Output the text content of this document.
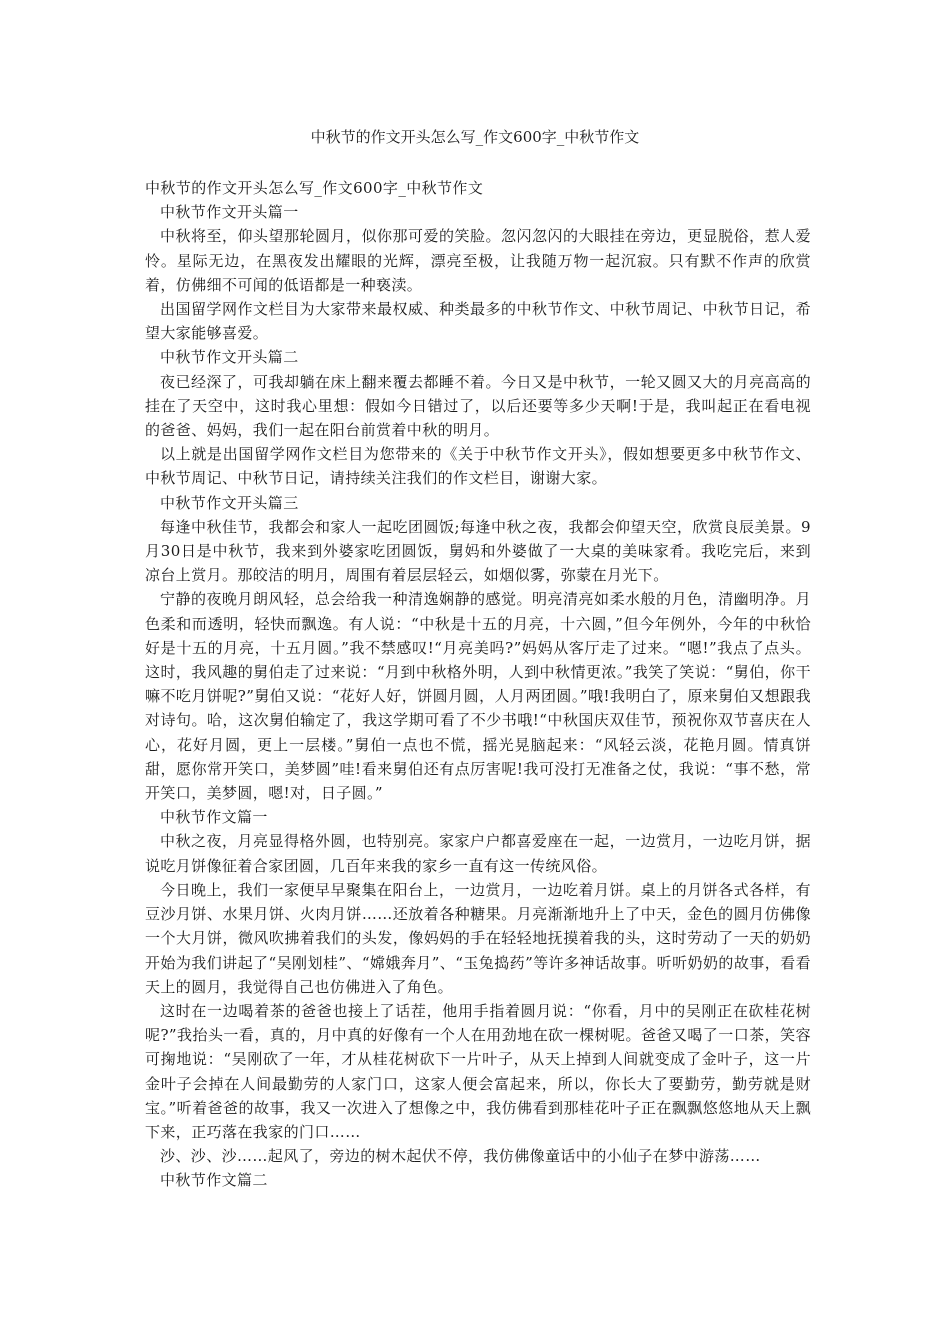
中秋节的作文开头怎么写_作文600字_中秋节作文

中秋节的作文开头怎么写_作文600字_中秋节作文

中秋节作文开头篇一

中秋将至，仰头望那轮圆月，似你那可爱的笑脸。忽闪忽闪的大眼挂在旁边，更显脱俗，惹人爱怜。星际无边，在黑夜发出耀眼的光辉，漂亮至极，让我随万物一起沉寂。只有默不作声的欣赏着，仿佛细不可闻的低语都是一种亵渎。

出国留学网作文栏目为大家带来最权威、种类最多的中秋节作文、中秋节周记、中秋节日记，希望大家能够喜爱。

中秋节作文开头篇二

夜已经深了，可我却躺在床上翻来覆去都睡不着。今日又是中秋节，一轮又圆又大的月亮高高的挂在了天空中，这时我心里想：假如今日错过了，以后还要等多少天啊!于是，我叫起正在看电视的爸爸、妈妈，我们一起在阳台前赏着中秋的明月。

以上就是出国留学网作文栏目为您带来的《关于中秋节作文开头》，假如想要更多中秋节作文、中秋节周记、中秋节日记，请持续关注我们的作文栏目，谢谢大家。

中秋节作文开头篇三

每逢中秋佳节，我都会和家人一起吃团圆饭;每逢中秋之夜，我都会仰望天空，欣赏良辰美景。9月30日是中秋节，我来到外婆家吃团圆饭，舅妈和外婆做了一大桌的美味家肴。我吃完后，来到凉台上赏月。那皎洁的明月，周围有着层层轻云，如烟似雾，弥蒙在月光下。

宁静的夜晚月朗风轻，总会给我一种清逸娴静的感觉。明亮清亮如柔水般的月色，清幽明净。月色柔和而透明，轻快而飘逸。有人说：“中秋是十五的月亮，十六圆，”但今年例外，今年的中秋恰好是十五的月亮，十五月圆。”我不禁感叹!“月亮美吗?”妈妈从客厅走了过来。“嗯!”我点了点头。这时，我风趣的舅伯走了过来说：“月到中秋格外明，人到中秋情更浓。”我笑了笑说：“舅伯，你干嘛不吃月饼呢?”舅伯又说：“花好人好，饼圆月圆，人月两团圆。”哦!我明白了，原来舅伯又想跟我对诗句。哈，这次舅伯输定了，我这学期可看了不少书哦!“中秋国庆双佳节，预祝你双节喜庆在人心，花好月圆，更上一层楼。”舅伯一点也不慌，摇光晃脑起来：“风轻云淡，花艳月圆。情真饼甜，愿你常开笑口，美梦圆”哇!看来舅伯还有点厉害呢!我可没打无准备之仗，我说：“事不愁，常开笑口，美梦圆，嗯!对，日子圆。”

中秋节作文篇一

中秋之夜，月亮显得格外圆，也特别亮。家家户户都喜爱座在一起，一边赏月，一边吃月饼，据说吃月饼像征着合家团圆，几百年来我的家乡一直有这一传统风俗。

今日晚上，我们一家便早早聚集在阳台上，一边赏月，一边吃着月饼。桌上的月饼各式各样，有豆沙月饼、水果月饼、火肉月饼……还放着各种糖果。月亮渐渐地升上了中天，金色的圆月仿佛像一个大月饼，微风吹拂着我们的头发，像妈妈的手在轻轻地抚摸着我的头，这时劳动了一天的奶奶开始为我们讲起了“吴刚划桂”、“嫦娥奔月”、“玉兔捣药”等许多神话故事。听听奶奶的故事，看看天上的圆月，我觉得自己也仿佛进入了角色。

这时在一边喝着茶的爸爸也接上了话茬，他用手指着圆月说：“你看，月中的吴刚正在砍桂花树呢?”我抬头一看，真的，月中真的好像有一个人在用劲地在砍一棵树呢。爸爸又喝了一口茶，笑容可掬地说：“吴刚砍了一年，才从桂花树砍下一片叶子，从天上掉到人间就变成了金叶子，这一片金叶子会掉在人间最勤劳的人家门口，这家人便会富起来，所以，你长大了要勤劳，勤劳就是财宝。”听着爸爸的故事，我又一次进入了想像之中，我仿佛看到那桂花叶子正在飘飘悠悠地从天上飘下来，正巧落在我家的门口……

沙、沙、沙……起风了，旁边的树木起伏不停，我仿佛像童话中的小仙子在梦中游荡……

中秋节作文篇二
